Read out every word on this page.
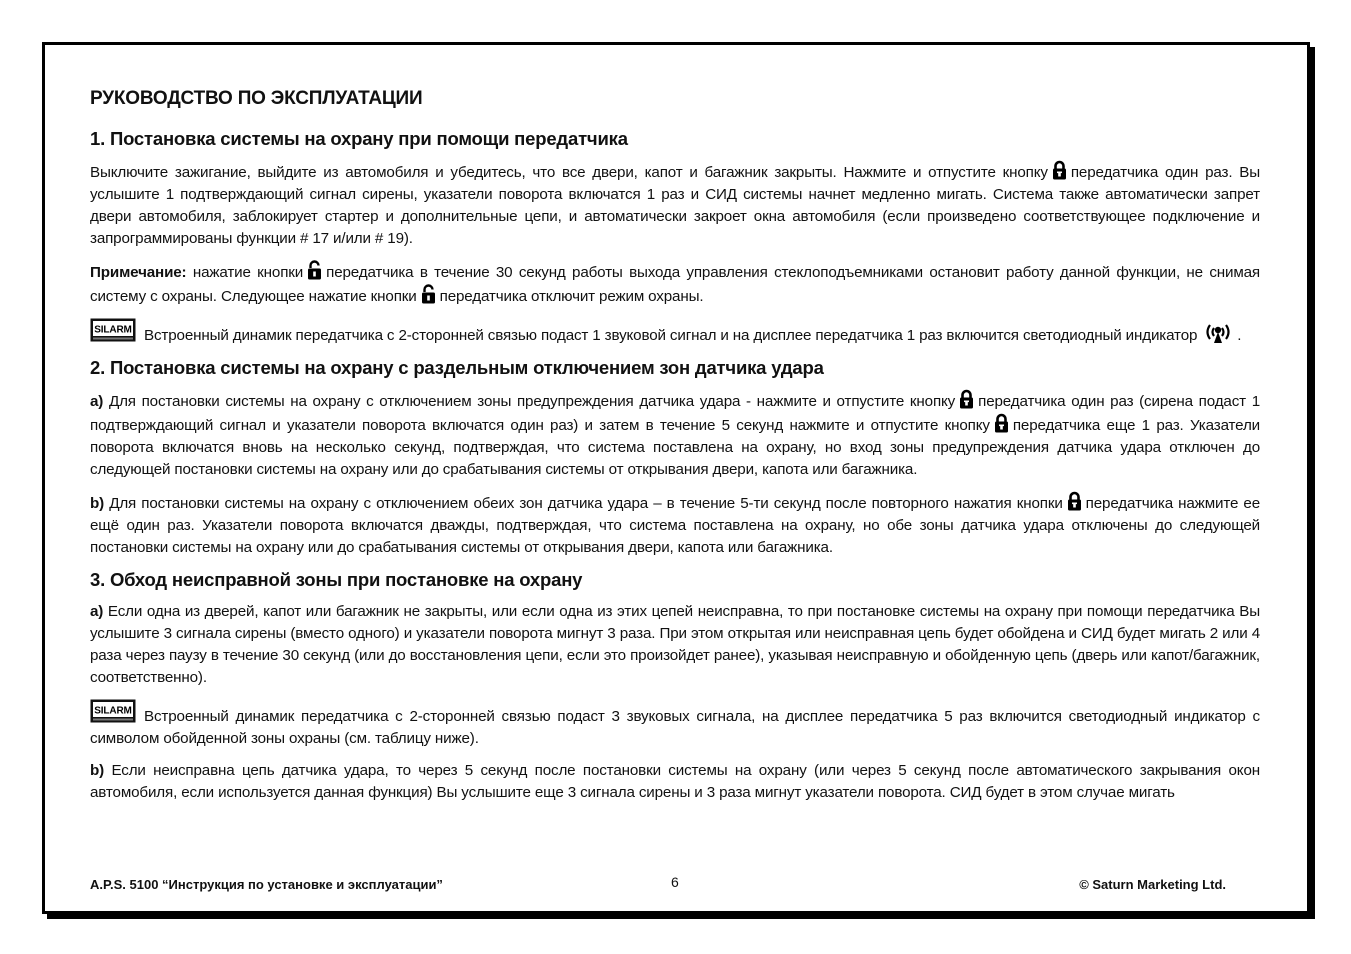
РУКОВОДСТВО ПО ЭКСПЛУАТАЦИИ
1. Постановка системы на охрану при помощи передатчика

Выключите зажигание, выйдите из автомобиля и убедитесь, что все двери, капот и багажник закрыты. Нажмите и отпустите кнопку передатчика один раз. Вы услышите 1 подтверждающий сигнал сирены, указатели поворота включатся 1 раз и СИД системы начнет медленно мигать. Система также автоматически запрет двери автомобиля, заблокирует стартер и дополнительные цепи, и автоматически закроет окна автомобиля (если произведено соответствующее подключение и запрограммированы функции # 17 и/или # 19).

Примечание: нажатие кнопки передатчика в течение 30 секунд работы выхода управления стеклоподъемниками остановит работу данной функции, не снимая систему с охраны. Следующее нажатие кнопки передатчика отключит режим охраны.

SILARM Встроенный динамик передатчика с 2-сторонней связью подаст 1 звуковой сигнал и на дисплее передатчика 1 раз включится светодиодный индикатор	.

2. Постановка системы на охрану с раздельным отключением зон датчика удара

a) Для постановки системы на охрану с отключением зоны предупреждения датчика удара - нажмите и отпустите кнопку передатчика один раз (сирена подаст 1 подтверждающий сигнал и указатели поворота включатся один раз) и затем в течение 5 секунд нажмите и отпустите кнопку передатчика еще 1 раз. Указатели поворота включатся вновь на несколько секунд, подтверждая, что система поставлена на охрану, но вход зоны предупреждения датчика удара отключен до следующей постановки системы на охрану или до срабатывания системы от открывания двери, капота или багажника.

b) Для постановки системы на охрану с отключением обеих зон датчика удара – в течение 5-ти секунд после повторного нажатия кнопки передатчика нажмите ее ещё один раз. Указатели поворота включатся дважды, подтверждая, что система поставлена на охрану, но обе зоны датчика удара отключены до следующей постановки системы на охрану или до срабатывания системы от открывания двери, капота или багажника.

3. Обход неисправной зоны при постановке на охрану

a) Если одна из дверей, капот или багажник не закрыты, или если одна из этих цепей неисправна, то при постановке системы на охрану при помощи передатчика Вы услышите 3 сигнала сирены (вместо одного) и указатели поворота мигнут 3 раза. При этом открытая или неисправная цепь будет обойдена и СИД будет мигать 2 или 4 раза через паузу в течение 30 секунд (или до восстановления цепи, если это произойдет ранее), указывая неисправную и обойденную цепь (дверь или капот/багажник, соответственно).

SILARM Встроенный динамик передатчика с 2-сторонней связью подаст 3 звуковых сигнала, на дисплее передатчика 5 раз включится светодиодный индикатор с символом обойденной зоны охраны (см. таблицу ниже).

b) Если неисправна цепь датчика удара, то через 5 секунд после постановки системы на охрану (или через 5 секунд после автоматического закрывания окон автомобиля, если используется данная функция) Вы услышите еще 3 сигнала сирены и 3 раза мигнут указатели поворота. СИД будет в этом случае мигать

A.P.S. 5100 “Инструкция по установке и эксплуатации”	6	© Saturn Marketing Ltd.
